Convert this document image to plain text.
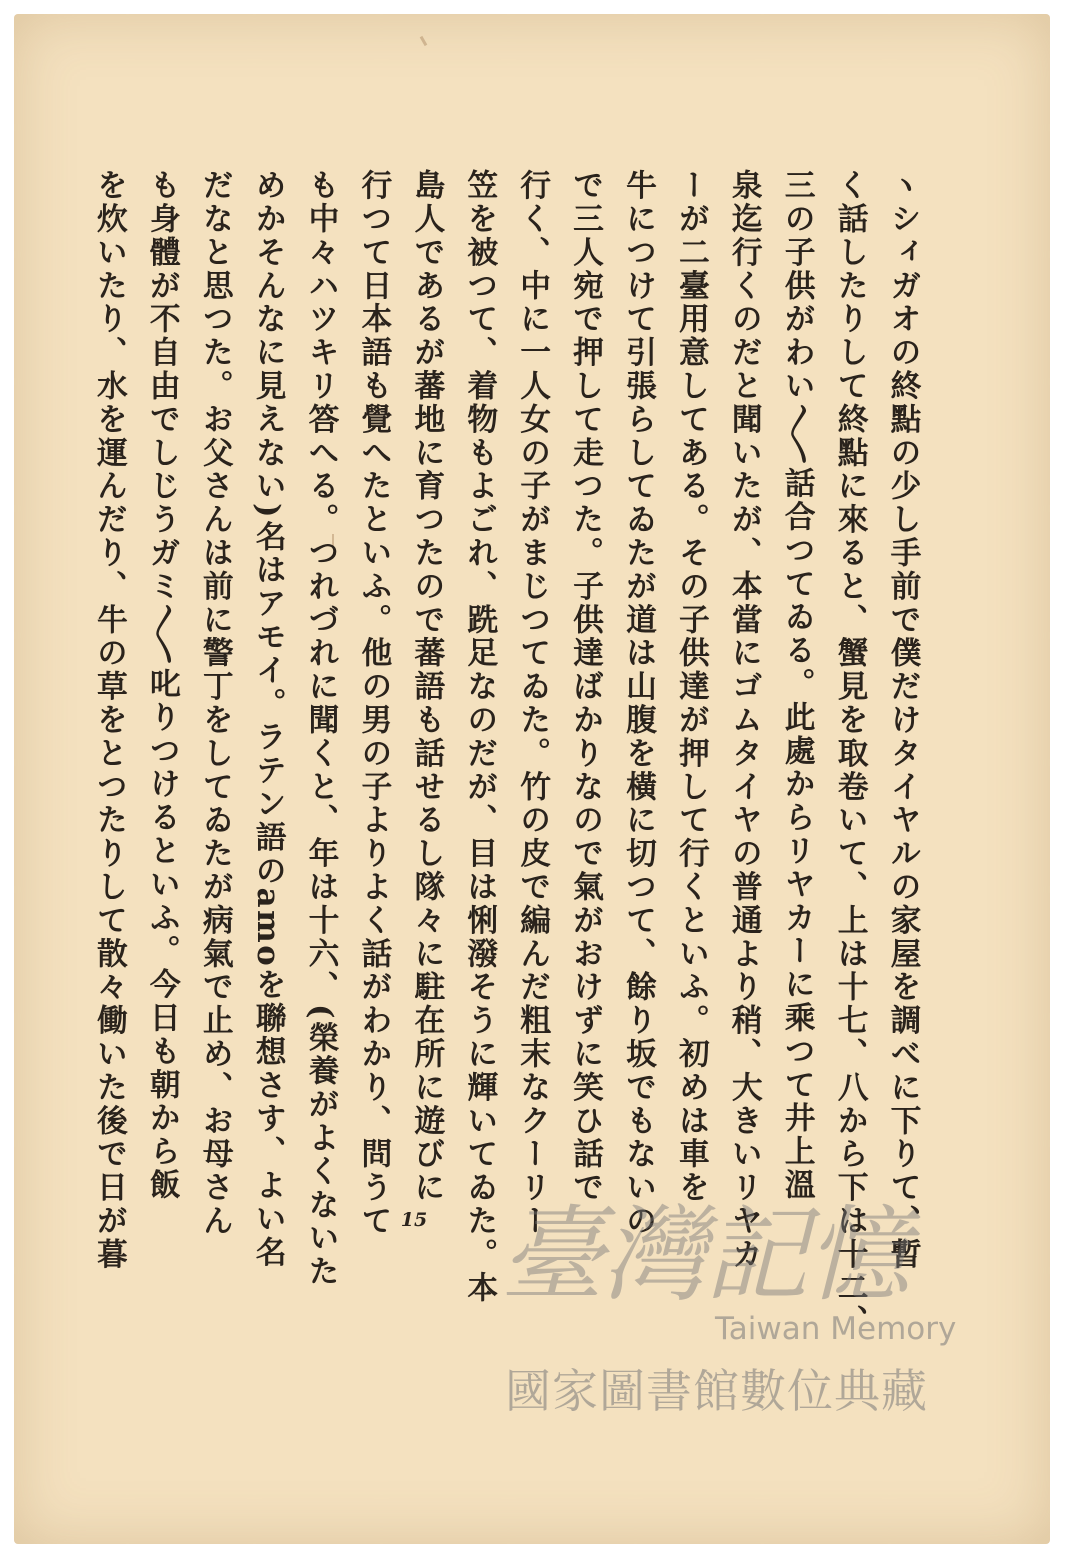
ヽシィガオの終點の少し手前で僕だけタイヤルの家屋を調べに下りて、暫
く話したりして終點に來ると、蟹見を取卷いて、上は十七、八から下は十二、
三の子供がわい〳〵話合つてゐる。此處からリヤカーに乘つて井上溫
泉迄行くのだと聞いたが、本當にゴムタイヤの普通より稍、大きいリヤカ
ーが二臺用意してある。その子供達が押して行くといふ。初めは車を
牛につけて引張らしてゐたが道は山腹を橫に切つて、餘り坂でもないの
で三人宛で押して走つた。子供達ばかりなので氣がおけずに笑ひ話で
行く、中に一人女の子がまじつてゐた。竹の皮で編んだ粗末なクーリー
笠を被つて、着物もよごれ、跣足なのだが、目は悧潑そうに輝いてゐた。本
島人であるが蕃地に育つたので蕃語も話せるし隊々に駐在所に遊びに
行つて日本語も覺へたといふ。他の男の子よりよく話がわかり、問うて
も中々ハツキリ答へる。つれづれに聞くと、年は十六、(榮養がよくないた
めかそんなに見えない)名はアモイ。ラテン語のamoを聯想さす、よい名
だなと思つた。お父さんは前に警丁をしてゐたが病氣で止め、お母さん
も身體が不自由でしじうガミ〳〵叱りつけるといふ。今日も朝から飯
を炊いたり、水を運んだり、牛の草をとつたりして散々働いた後で日が暮	15 臺灣記憶
Taiwan Memory
國家圖書館數位典藏
